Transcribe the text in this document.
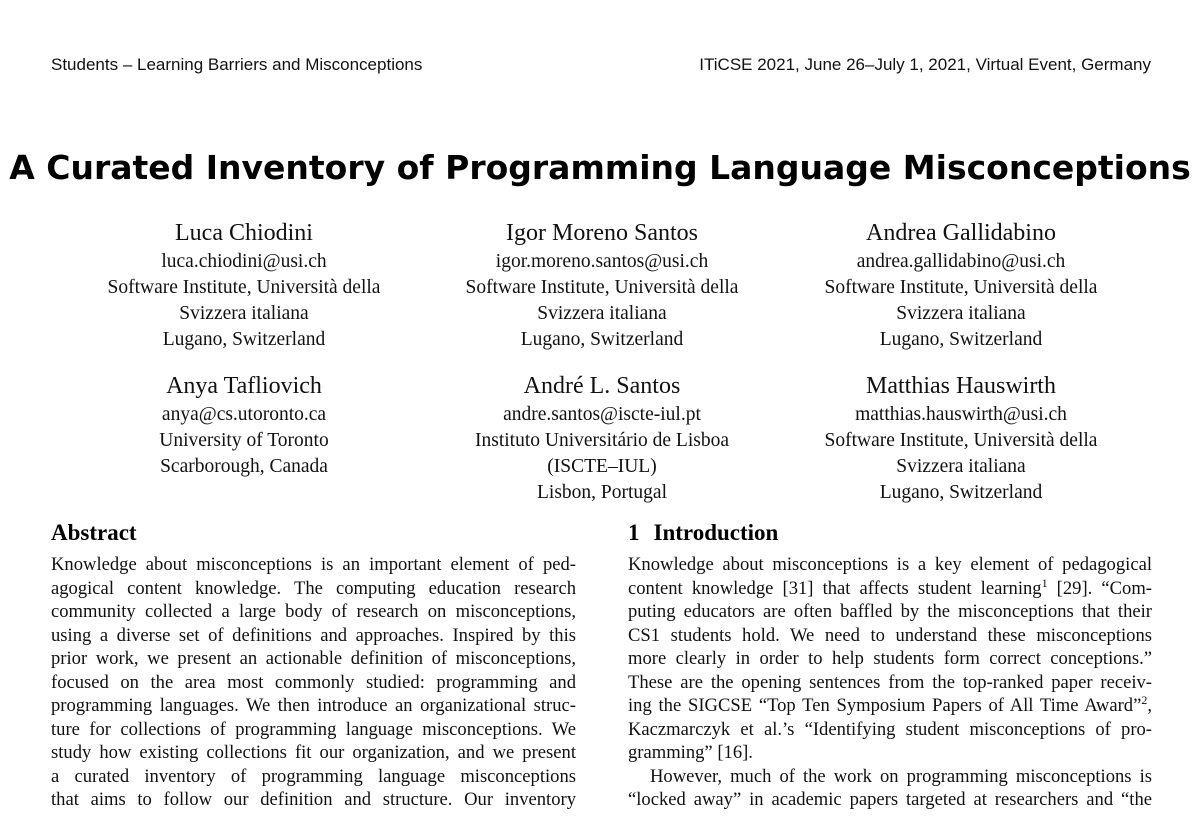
Students – Learning Barriers and Misconceptions	ITiCSE 2021, June 26–July 1, 2021, Virtual Event, Germany
A Curated Inventory of Programming Language Misconceptions
Luca Chiodini
luca.chiodini@usi.ch
Software Institute, Università della
Svizzera italiana
Lugano, Switzerland
Igor Moreno Santos
igor.moreno.santos@usi.ch
Software Institute, Università della
Svizzera italiana
Lugano, Switzerland
Andrea Gallidabino
andrea.gallidabino@usi.ch
Software Institute, Università della
Svizzera italiana
Lugano, Switzerland
Anya Tafliovich
anya@cs.utoronto.ca
University of Toronto
Scarborough, Canada
André L. Santos
andre.santos@iscte-iul.pt
Instituto Universitário de Lisboa
(ISCTE–IUL)
Lisbon, Portugal
Matthias Hauswirth
matthias.hauswirth@usi.ch
Software Institute, Università della
Svizzera italiana
Lugano, Switzerland
Abstract
Knowledge about misconceptions is an important element of ped-
agogical content knowledge. The computing education research
community collected a large body of research on misconceptions,
using a diverse set of definitions and approaches. Inspired by this
prior work, we present an actionable definition of misconceptions,
focused on the area most commonly studied: programming and
programming languages. We then introduce an organizational struc-
ture for collections of programming language misconceptions. We
study how existing collections fit our organization, and we present
a curated inventory of programming language misconceptions
that aims to follow our definition and structure. Our inventory
1 Introduction
Knowledge about misconceptions is a key element of pedagogical
content knowledge [31] that affects student learning$^1$ [29]. “Com-
puting educators are often baffled by the misconceptions that their
CS1 students hold. We need to understand these misconceptions
more clearly in order to help students form correct conceptions.”
These are the opening sentences from the top-ranked paper receiv-
ing the SIGCSE “Top Ten Symposium Papers of All Time Award”$^2$,
Kaczmarczyk et al.’s “Identifying student misconceptions of pro-
gramming” [16].
However, much of the work on programming misconceptions is
“locked away” in academic papers targeted at researchers and “the
